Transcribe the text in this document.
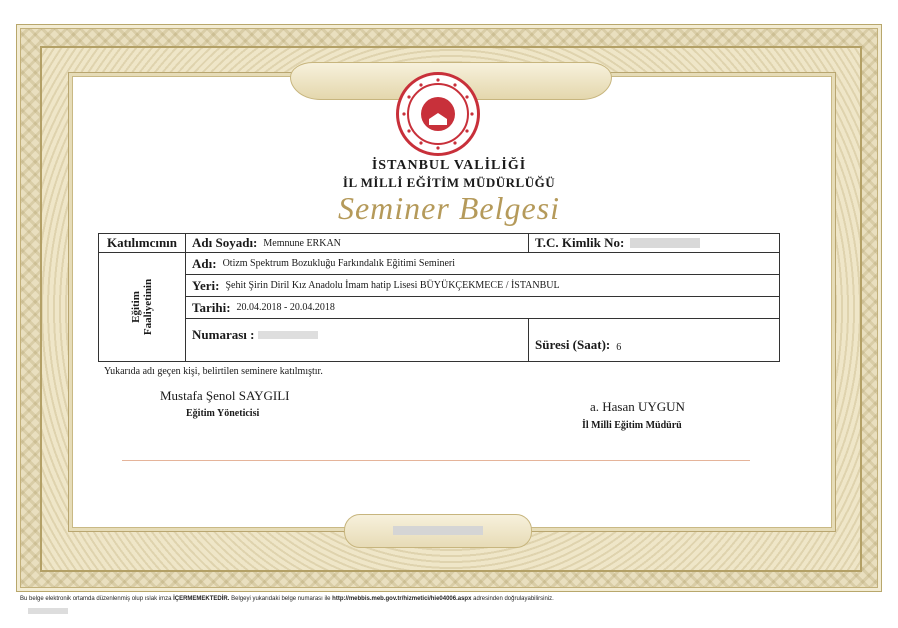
İSTANBUL VALİLİĞİ
İL MİLLİ EĞİTİM MÜDÜRLÜĞÜ
Seminer Belgesi
Katılımcının Adı Soyadı: Memnune ERKAN	T.C. Kimlik No:
Eğitim Faaliyetinin
Adı: Otizm Spektrum Bozukluğu Farkındalık Eğitimi Semineri
Yeri: Şehit Şirin Diril Kız Anadolu İmam hatip Lisesi BÜYÜKÇEKMECE / İSTANBUL
Tarihi: 20.04.2018 - 20.04.2018
Numarası :
Süresi (Saat): 6
Yukarıda adı geçen kişi, belirtilen seminere katılmıştır.
Mustafa Şenol SAYGILI
Eğitim Yöneticisi	a. Hasan UYGUN
İl Milli Eğitim Müdürü
Bu belge elektronik ortamda düzenlenmiş olup ıslak imza İÇERMEMEKTEDİR. Belgeyi yukarıdaki belge numarası ile http://mebbis.meb.gov.tr/hizmetici/hie04006.aspx adresinden doğrulayabilirsiniz.
